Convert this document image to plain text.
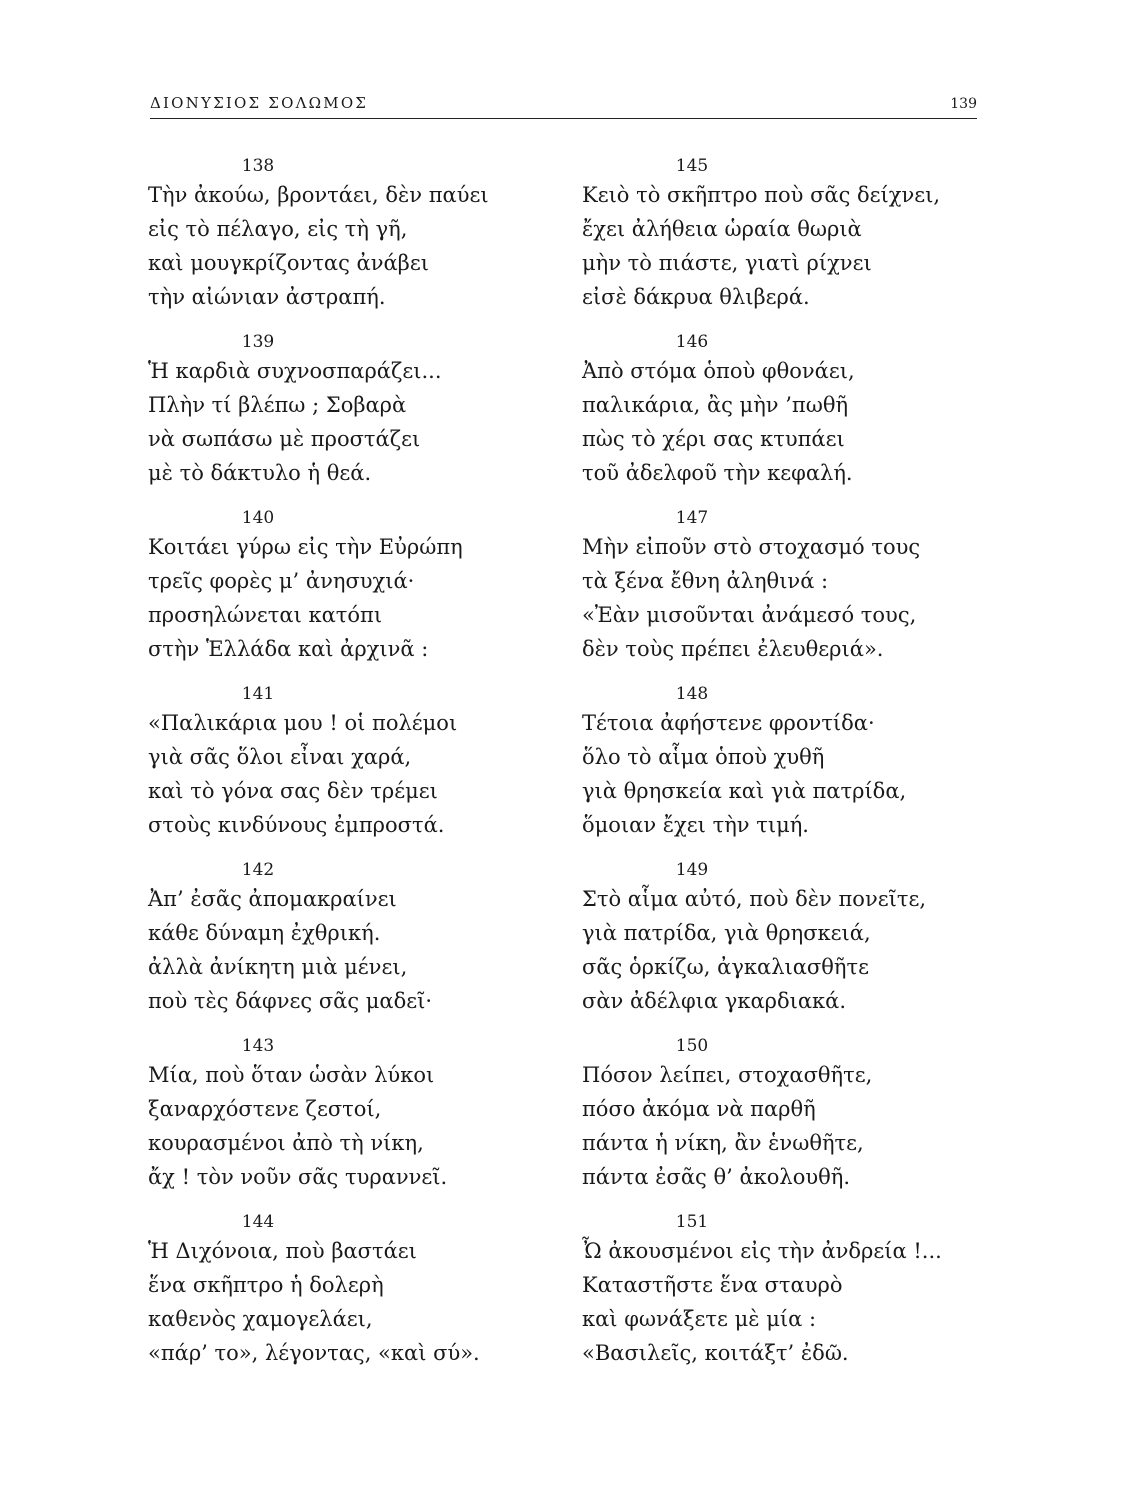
ΔΙΟΝΥΣΙΟΣ ΣΟΛΩΜΟΣ	139
138
Τὴν ἀκούω, βροντάει, δὲν παύει
εἰς τὸ πέλαγο, εἰς τὴ γῆ,
καὶ μουγκρίζοντας ἀνάβει
τὴν αἰώνιαν ἀστραπή.
139
Ἡ καρδιὰ συχνοσπαράζει...
Πλὴν τί βλέπω ; Σοβαρὰ
νὰ σωπάσω μὲ προστάζει
μὲ τὸ δάκτυλο ἡ θεά.
140
Κοιτάει γύρω εἰς τὴν Εὐρώπη
τρεῖς φορὲς μ’ ἀνησυχιά·
προσηλώνεται κατόπι
στὴν Ἑλλάδα καὶ ἀρχινᾶ :
141
«Παλικάρια μου ! οἱ πολέμοι
γιὰ σᾶς ὅλοι εἶναι χαρά,
καὶ τὸ γόνα σας δὲν τρέμει
στοὺς κινδύνους ἐμπροστά.
142
Ἀπ’ ἐσᾶς ἀπομακραίνει
κάθε δύναμη ἐχθρική.
ἀλλὰ ἀνίκητη μιὰ μένει,
ποὺ τὲς δάφνες σᾶς μαδεῖ·
143
Μία, ποὺ ὅταν ὡσὰν λύκοι
ξαναρχόστενε ζεστοί,
κουρασμένοι ἀπὸ τὴ νίκη,
ἄχ ! τὸν νοῦν σᾶς τυραννεῖ.
144
Ἡ Διχόνοια, ποὺ βαστάει
ἕνα σκῆπτρο ἡ δολερὴ
καθενὸς χαμογελάει,
«πάρ’ το», λέγοντας, «καὶ σύ».
145
Κειὸ τὸ σκῆπτρο ποὺ σᾶς δείχνει,
ἔχει ἀλήθεια ὡραία θωριὰ
μὴν τὸ πιάστε, γιατὶ ρίχνει
εἰσὲ δάκρυα θλιβερά.
146
Ἀπὸ στόμα ὁποὺ φθονάει,
παλικάρια, ἂς μὴν ’πωθῆ
πὼς τὸ χέρι σας κτυπάει
τοῦ ἀδελφοῦ τὴν κεφαλή.
147
Μὴν εἰποῦν στὸ στοχασμό τους
τὰ ξένα ἔθνη ἀληθινά :
«Ἐὰν μισοῦνται ἀνάμεσό τους,
δὲν τοὺς πρέπει ἐλευθεριά».
148
Τέτοια ἀφήστενε φροντίδα·
ὅλο τὸ αἷμα ὁποὺ χυθῆ
γιὰ θρησκεία καὶ γιὰ πατρίδα,
ὅμοιαν ἔχει τὴν τιμή.
149
Στὸ αἷμα αὐτό, ποὺ δὲν πονεῖτε,
γιὰ πατρίδα, γιὰ θρησκειά,
σᾶς ὁρκίζω, ἀγκαλιασθῆτε
σὰν ἀδέλφια γκαρδιακά.
150
Πόσον λείπει, στοχασθῆτε,
πόσο ἀκόμα νὰ παρθῆ
πάντα ἡ νίκη, ἂν ἑνωθῆτε,
πάντα ἐσᾶς θ’ ἀκολουθῆ.
151
Ὦ ἀκουσμένοι εἰς τὴν ἀνδρεία !...
Καταστῆστε ἕνα σταυρὸ
καὶ φωνάξετε μὲ μία :
«Βασιλεῖς, κοιτάξτ’ ἐδῶ.
